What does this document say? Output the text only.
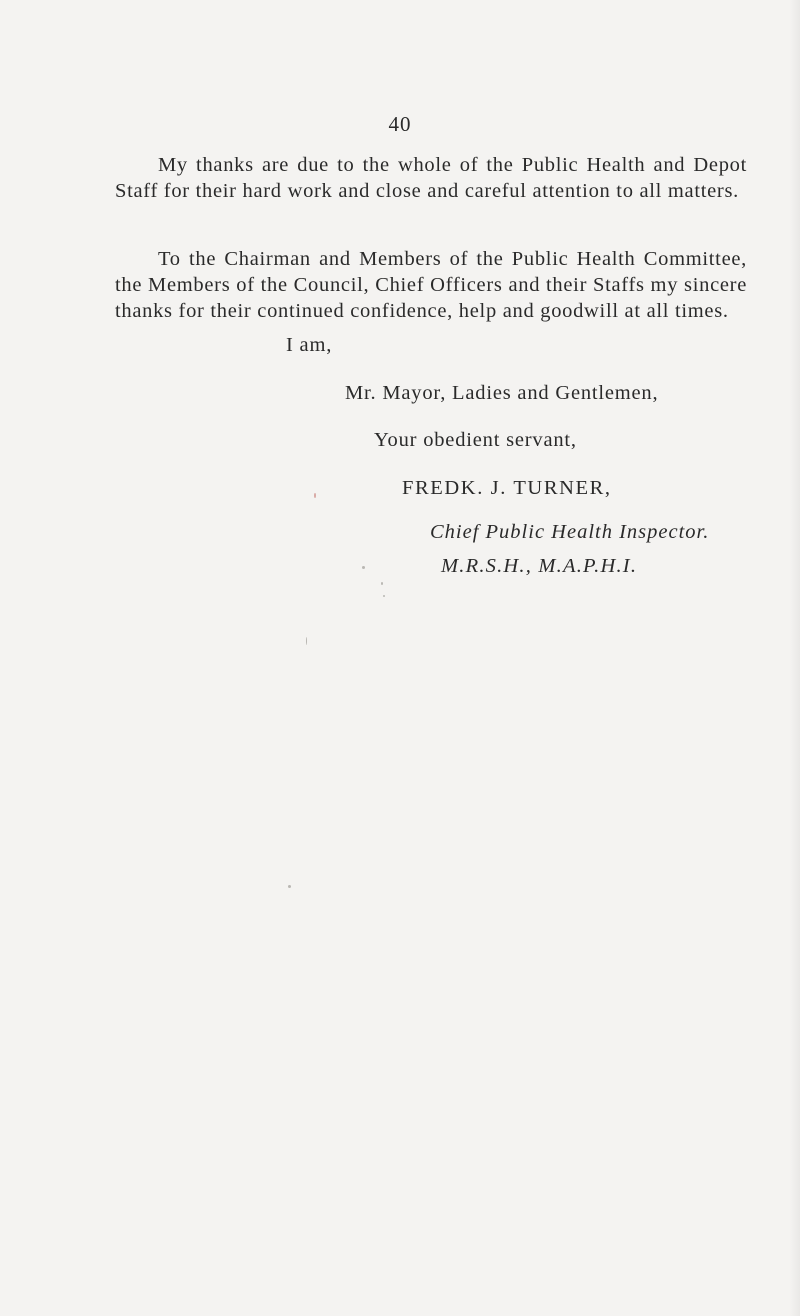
40

My thanks are due to the whole of the Public Health and Depot Staff for their hard work and close and careful attention to all matters.

To the Chairman and Members of the Public Health Committee, the Members of the Council, Chief Officers and their Staffs my sincere thanks for their continued confidence, help and goodwill at all times.

I am,

Mr. Mayor, Ladies and Gentlemen,

Your obedient servant,

FREDK. J. TURNER,

Chief Public Health Inspector.

M.R.S.H., M.A.P.H.I.
